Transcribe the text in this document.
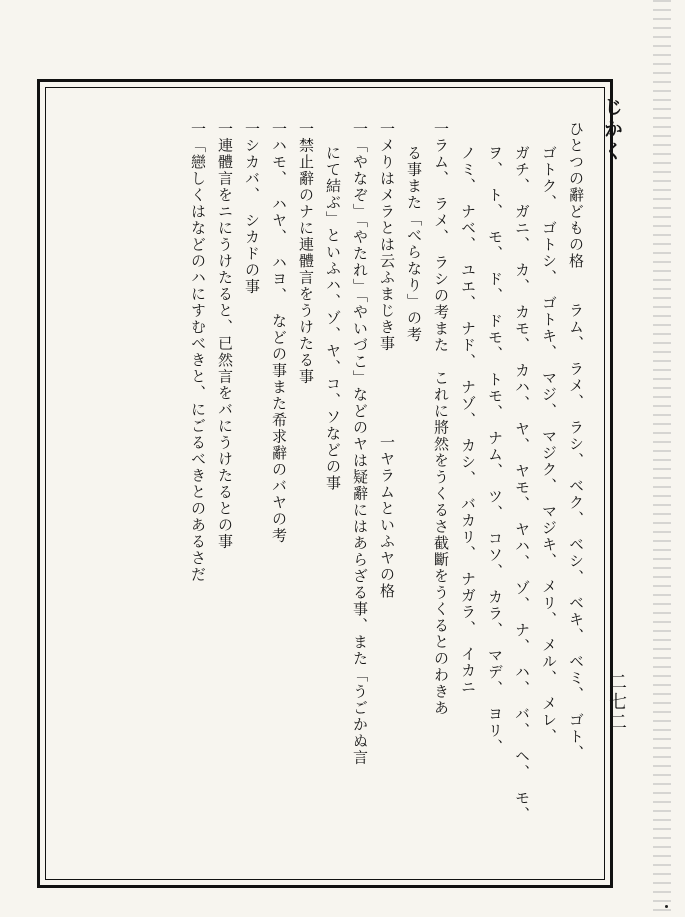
じかく
二七二
ひとつの辭どもの格　　ラム、　ラメ、　ラシ、　ベク、　ベシ、　ベキ、　ベミ、　ゴト、
ゴトク、　ゴトシ、　ゴトキ、　マジ、　マジク、　マジキ、　メリ、　メル、　メレ、
ガチ、　ガニ、　カ、　カモ、　カハ、　ヤ、　ヤモ、　ヤハ、　ゾ、　ナ、　ハ、　バ、　ヘ、　モ、
ヲ、　ト、　モ、　ド、　ドモ、　トモ、　ナム、　ツ、　コソ、　カラ、　マデ、　ヨリ、
ノミ、　ナベ、　ユエ、　ナド、　ナゾ、　カシ、　バカリ、　ナガラ、　イカニ
一ラム、　ラメ、　ラシの考また　これに將然をうくるさ截斷をうくるとのわきあ
る事また「べらなり」の考
一メりはメラとは云ふまじき事　　　　　一ヤラムといふヤの格
一「やなぞ」「やたれ」「やいづこ」などのヤは疑辭にはあらざる事、また「うごかぬ言
にて結ぶ」といふハ、ゾ、ヤ、コ、ソなどの事
一禁止辭のナに連體言をうけたる事
一ハモ、　ハヤ、　ハヨ、　などの事また希求辭のバヤの考
一シカバ、　シカドの事
一連體言をニにうけたると、已然言をバにうけたるとの事
一「戀しくはなどのハにすむべきと、にごるべきとのあるさだ
